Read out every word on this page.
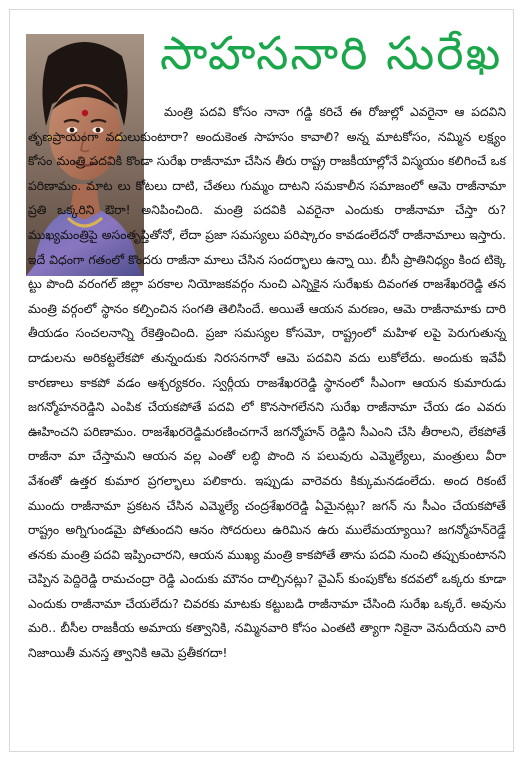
సాహసనారి సురేఖ

మంత్రి పదవి కోసం నానా గడ్డి కరిచే ఈ రోజుల్లో ఎవరైనా ఆ పదవిని తృణప్రాయంగా వదులుకుంటారా? అందుకెంత సాహసం కావాలి? అన్న మాటకోసం, నమ్మిన లక్ష్యం కోసం మంత్రి పదవికి కొండా సురేఖ రాజీనామా చేసిన తీరు రాష్ట్ర రాజకీయాల్లోనే విస్మయం కలిగించే ఒక పరిణామం. మాట లు కోటలు దాటి, చేతలు గుమ్మం దాటని సమకాలీన సమాజంలో ఆమె రాజీనామా ప్రతి ఒక్కరిని ఔరా! అనిపించింది. మంత్రి పదవికి ఎవరైనా ఎందుకు రాజీనామా చేస్తా రు? ముఖ్యమంత్రిపై అసంతృప్తితోనో, లేదా ప్రజా సమస్యలు పరిష్కారం కావడంలేదనో రాజీనామాలు ఇస్తారు. ఇదే విధంగా గతంలో కొందరు రాజీనా మాలు చేసిన సందర్భాలు ఉన్నా యి. బీసీ ప్రాతినిధ్యం కింద టిక్కె ట్టు పొంది వరంగల్ జిల్లా పరకాల నియోజకవర్గం నుంచి ఎన్నికైన సురేఖకు దివంగత రాజశేఖరరెడ్డి తన మంత్రి వర్గంలో స్థానం కల్పించిన సంగతి తెలిసిందే. అయితే ఆయన మరణం, ఆమె రాజీనామాకు దారి తీయడం సంచలనాన్ని రేకెత్తించింది. ప్రజా సమస్యల కోసమో, రాష్ట్రంలో మహిళ లపై పెరుగుతున్న దాడులను అరికట్టలేకపో తున్నందుకు నిరసనగానో ఆమె పదవిని వదు లుకోలేదు. అందుకు ఇవేవీ కారణాలు కాకపో వడం ఆశ్చర్యకరం. స్వర్గీయ రాజశేఖరరెడ్డి స్థానంలో సీఎంగా ఆయన కుమారుడు జగన్మోహనరెడ్డిని ఎంపిక చేయకపోతే పదవి లో కొనసాగలేనని సురేఖ రాజీనామా చేయ డం ఎవరు ఊహించని పరిణామం. రాజశేఖరరెడ్డిమరణించగానే జగన్మోహన్ రెడ్డిని సీఎంని చేసి తీరాలని, లేకపోతే రాజీనా మా చేస్తామని ఆయన వల్ల ఎంతో లబ్ధి పొంది న పలువురు ఎమ్మెల్యేలు, మంత్రులు వీరా వేశంతో ఉత్తర కుమార ప్రగల్భాలు పలికారు. ఇప్పుడు వారెవరు కిక్కుమనడంలేదు. అంద రికంటే ముందు రాజీనామా ప్రకటన చేసిన ఎమ్మెల్యే చంద్రశేఖరరెడ్డి ఏమైనట్లు? జగన్ ను సీఎం చేయకపోతే రాష్ట్రం అగ్నిగుండమై పోతుందని ఆనం సోదరులు ఉరిమిన ఉరు ములేమయ్యాయి? జగన్మోహన్‌రెడ్డే తనకు మంత్రి పదవి ఇప్పించారని, ఆయన ముఖ్య మంత్రి కాకపోతే తాను పదవి నుంచి తప్పుకుంటానని చెప్పిన పెద్దిరెడ్డి రామచంద్రా రెడ్డి ఎందుకు మౌనం దాల్చినట్లు? వైఎస్ కుంపుకోట కదవలో ఒక్కరు కూడా ఎందుకు రాజీనామా చేయలేదు? చివరకు మాటకు కట్టుబడి రాజీనామా చేసింది సురేఖ ఒక్కరే. అవును మరి.. బీసీల రాజకీయ అమాయ కత్వానికి, నమ్మినవారి కోసం ఎంతటి త్యాగా నికైనా వెనుదీయని వారి నిజాయితీ మనస్త త్వానికి ఆమె ప్రతీకగదా!
